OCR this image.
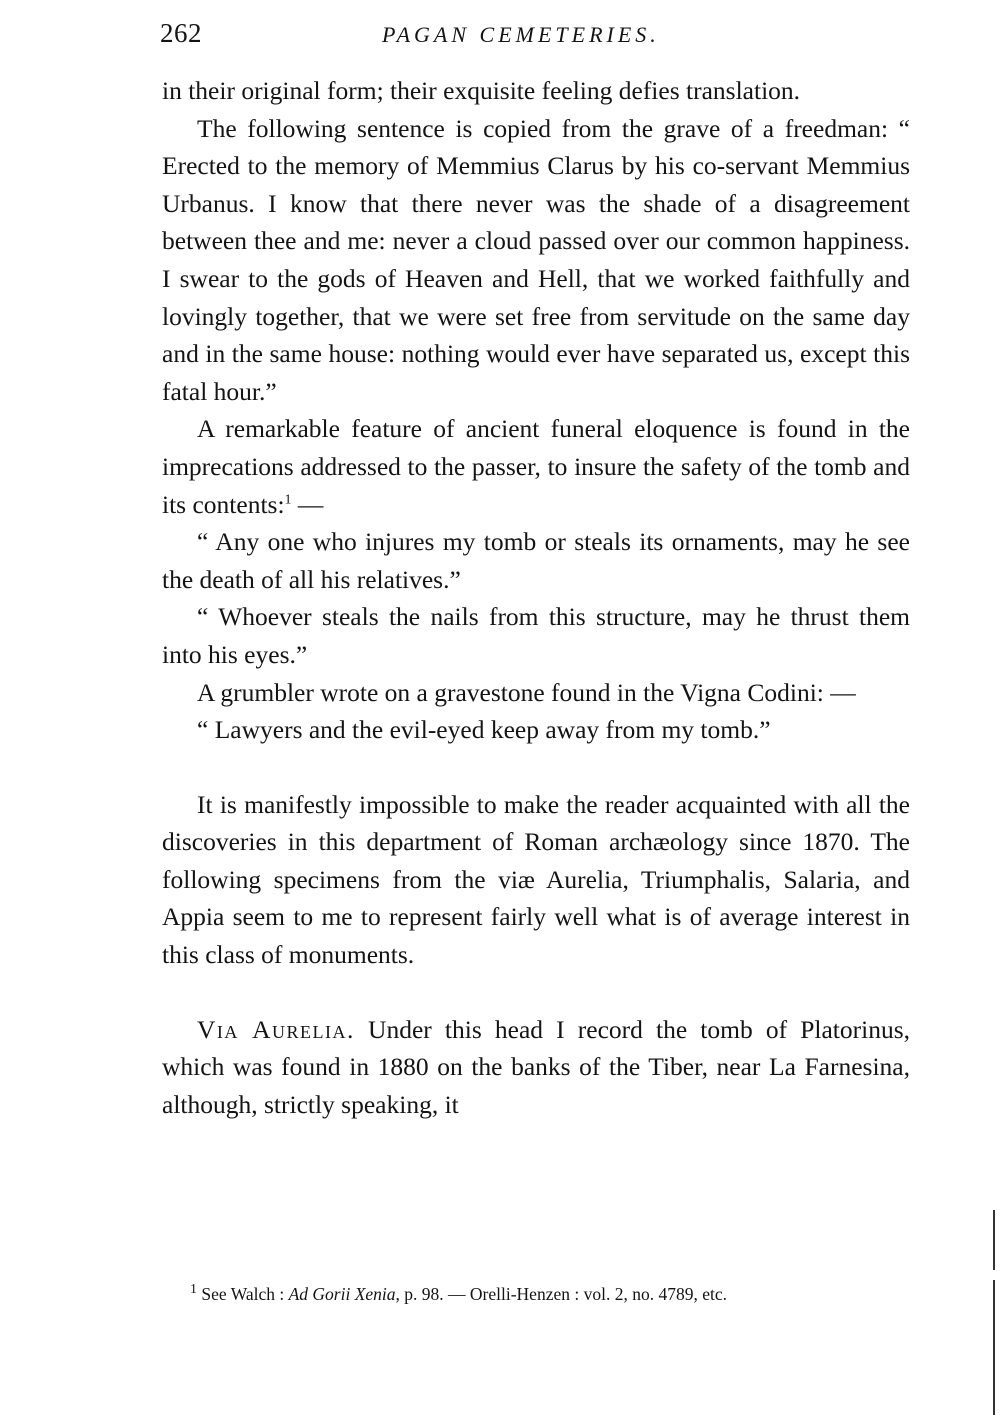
262	PAGAN CEMETERIES.

in their original form; their exquisite feeling defies translation.

The following sentence is copied from the grave of a freedman: “ Erected to the memory of Memmius Clarus by his co-servant Memmius Urbanus. I know that there never was the shade of a disagreement between thee and me: never a cloud passed over our common happiness. I swear to the gods of Heaven and Hell, that we worked faithfully and lovingly together, that we were set free from servitude on the same day and in the same house: nothing would ever have separated us, except this fatal hour.”

A remarkable feature of ancient funeral eloquence is found in the imprecations addressed to the passer, to insure the safety of the tomb and its contents:$^1$ —

“ Any one who injures my tomb or steals its ornaments, may he see the death of all his relatives.”

“ Whoever steals the nails from this structure, may he thrust them into his eyes.”

A grumbler wrote on a gravestone found in the Vigna Codini: —

“ Lawyers and the evil-eyed keep away from my tomb.”

It is manifestly impossible to make the reader acquainted with all the discoveries in this department of Roman archæology since 1870. The following specimens from the viæ Aurelia, Triumphalis, Salaria, and Appia seem to me to represent fairly well what is of average interest in this class of monuments.

Via Aurelia. Under this head I record the tomb of Platorinus, which was found in 1880 on the banks of the Tiber, near La Farnesina, although, strictly speaking, it

$^1$ See Walch : Ad Gorii Xenia, p. 98. — Orelli-Henzen : vol. 2, no. 4789, etc.
